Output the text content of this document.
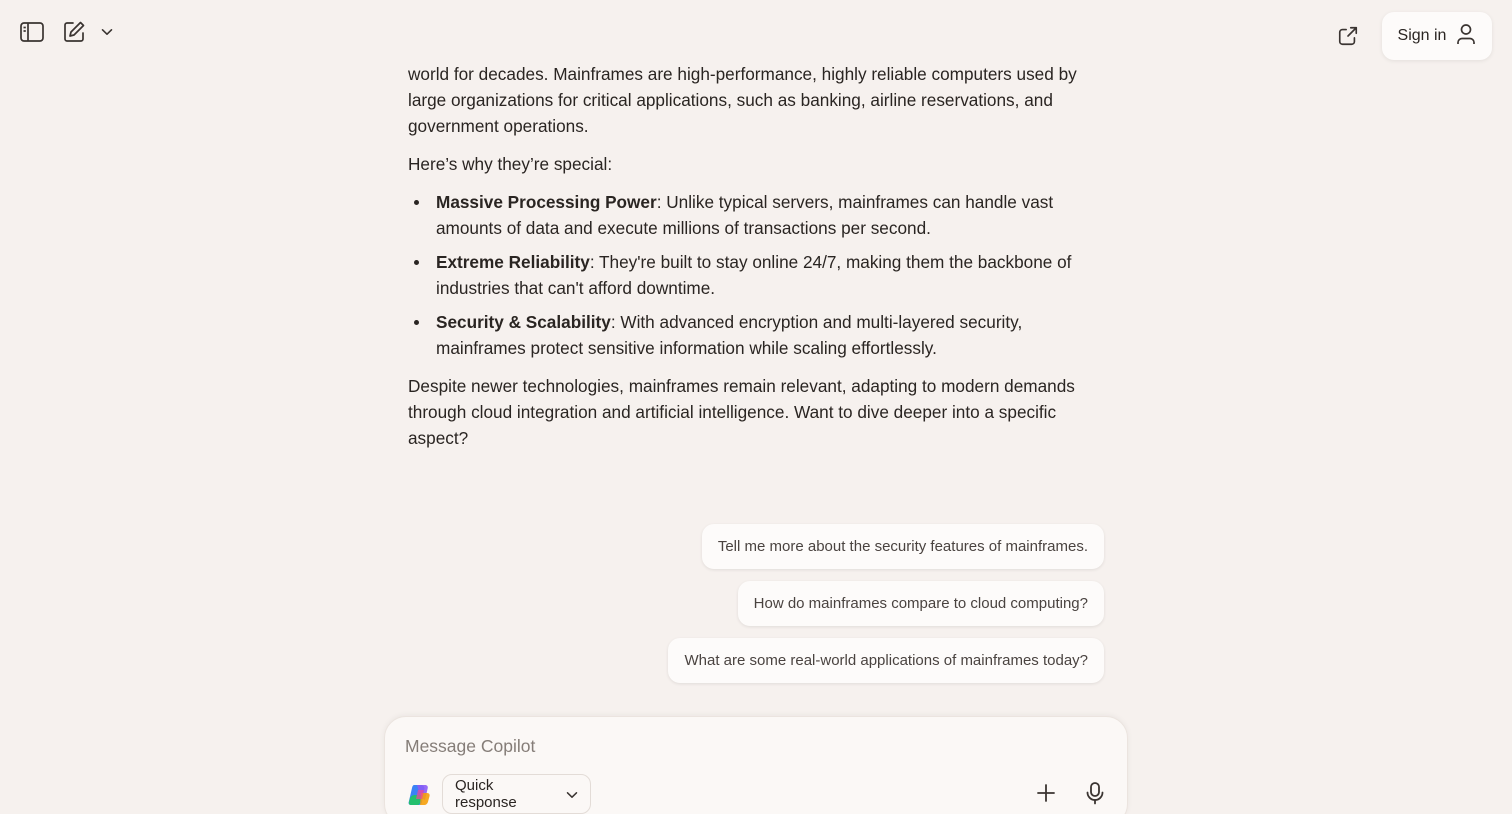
Sign in

world for decades. Mainframes are high-performance, highly reliable computers used by large organizations for critical applications, such as banking, airline reservations, and government operations.

Here’s why they’re special:

Massive Processing Power: Unlike typical servers, mainframes can handle vast amounts of data and execute millions of transactions per second.
Extreme Reliability: They're built to stay online 24/7, making them the backbone of industries that can't afford downtime.
Security & Scalability: With advanced encryption and multi-layered security, mainframes protect sensitive information while scaling effortlessly.

Despite newer technologies, mainframes remain relevant, adapting to modern demands through cloud integration and artificial intelligence. Want to dive deeper into a specific aspect?

Tell me more about the security features of mainframes.
How do mainframes compare to cloud computing?
What are some real-world applications of mainframes today?
Message Copilot
Quick response
